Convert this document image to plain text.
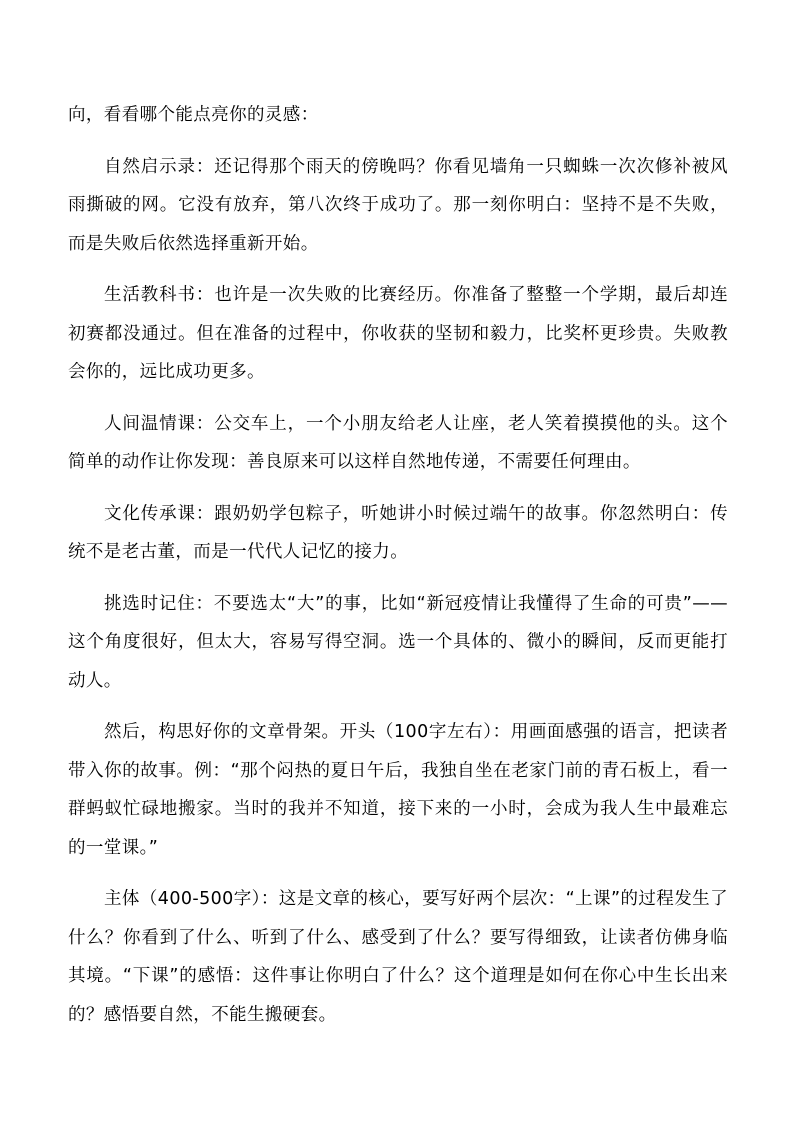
向，看看哪个能点亮你的灵感：

自然启示录：还记得那个雨天的傍晚吗？你看见墙角一只蜘蛛一次次修补被风雨撕破的网。它没有放弃，第八次终于成功了。那一刻你明白：坚持不是不失败，而是失败后依然选择重新开始。

生活教科书：也许是一次失败的比赛经历。你准备了整整一个学期，最后却连初赛都没通过。但在准备的过程中，你收获的坚韧和毅力，比奖杯更珍贵。失败教会你的，远比成功更多。

人间温情课：公交车上，一个小朋友给老人让座，老人笑着摸摸他的头。这个简单的动作让你发现：善良原来可以这样自然地传递，不需要任何理由。

文化传承课：跟奶奶学包粽子，听她讲小时候过端午的故事。你忽然明白：传统不是老古董，而是一代代人记忆的接力。

挑选时记住：不要选太“大”的事，比如“新冠疫情让我懂得了生命的可贵”——这个角度很好，但太大，容易写得空洞。选一个具体的、微小的瞬间，反而更能打动人。

然后，构思好你的文章骨架。开头（100字左右）：用画面感强的语言，把读者带入你的故事。例：“那个闷热的夏日午后，我独自坐在老家门前的青石板上，看一群蚂蚁忙碌地搬家。当时的我并不知道，接下来的一小时，会成为我人生中最难忘的一堂课。”

主体（400-500字）：这是文章的核心，要写好两个层次：“上课”的过程发生了什么？你看到了什么、听到了什么、感受到了什么？要写得细致，让读者仿佛身临其境。“下课”的感悟：这件事让你明白了什么？这个道理是如何在你心中生长出来的？感悟要自然，不能生搬硬套。
